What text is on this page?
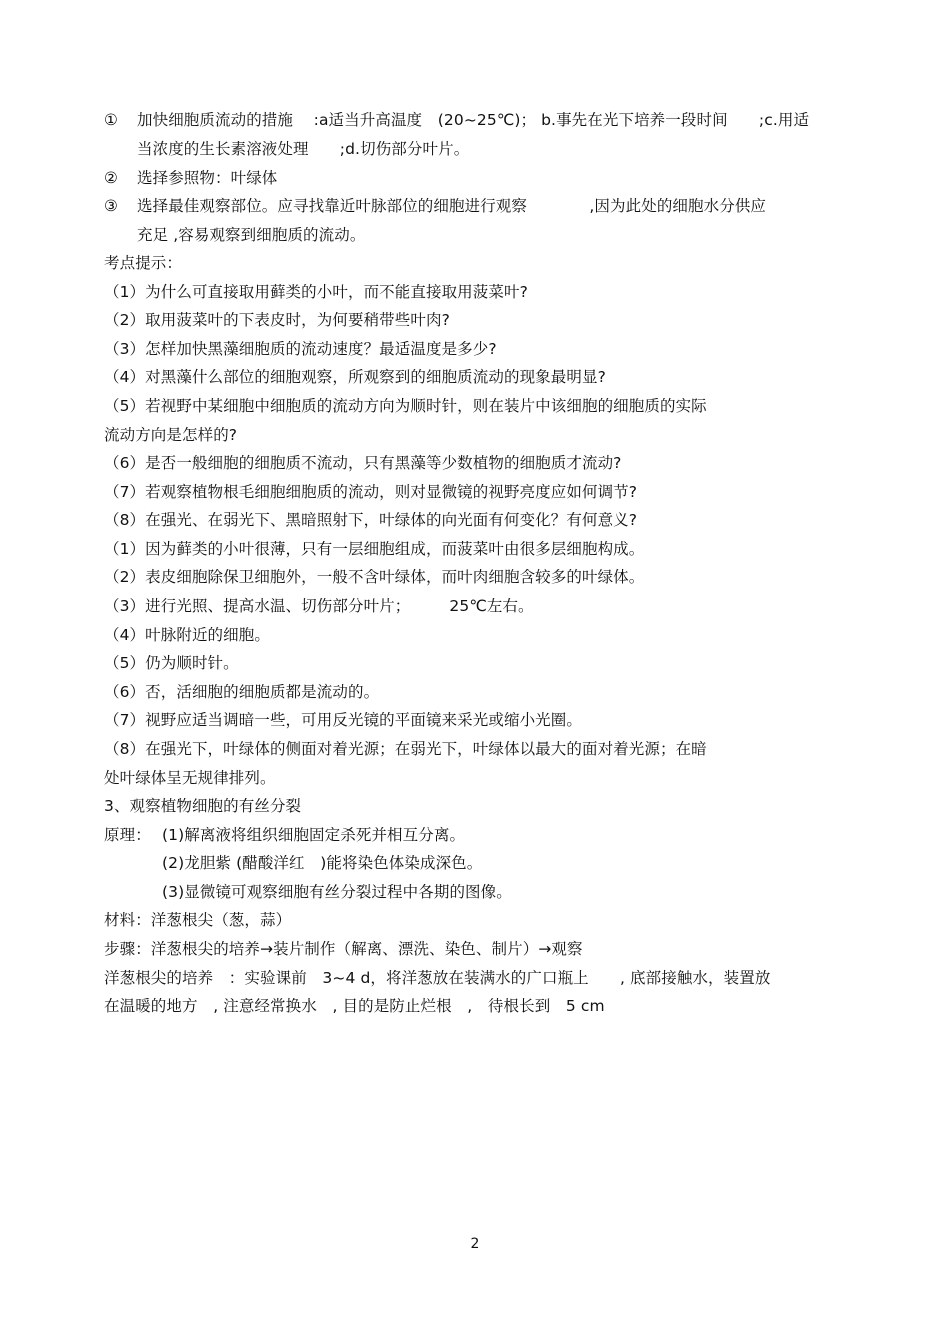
① 加快细胞质流动的措施　 :a适当升高温度　(20~25℃)； b.事先在光下培养一段时间　　;c.用适
当浓度的生长素溶液处理　　;d.切伤部分叶片。
② 选择参照物：叶绿体
③ 选择最佳观察部位。应寻找靠近叶脉部位的细胞进行观察　　　　,因为此处的细胞水分供应
充足 ,容易观察到细胞质的流动。
考点提示：
（1）为什么可直接取用藓类的小叶，而不能直接取用菠菜叶?
（2）取用菠菜叶的下表皮时，为何要稍带些叶肉?
（3）怎样加快黑藻细胞质的流动速度？最适温度是多少?
（4）对黑藻什么部位的细胞观察，所观察到的细胞质流动的现象最明显?
（5）若视野中某细胞中细胞质的流动方向为顺时针，则在装片中该细胞的细胞质的实际
流动方向是怎样的?
（6）是否一般细胞的细胞质不流动，只有黑藻等少数植物的细胞质才流动?
（7）若观察植物根毛细胞细胞质的流动，则对显微镜的视野亮度应如何调节?
（8）在强光、在弱光下、黑暗照射下，叶绿体的向光面有何变化？有何意义?
（1）因为藓类的小叶很薄，只有一层细胞组成，而菠菜叶由很多层细胞构成。
（2）表皮细胞除保卫细胞外，一般不含叶绿体，而叶肉细胞含较多的叶绿体。
（3）进行光照、提高水温、切伤部分叶片；　　　25℃左右。
（4）叶脉附近的细胞。
（5）仍为顺时针。
（6）否，活细胞的细胞质都是流动的。
（7）视野应适当调暗一些，可用反光镜的平面镜来采光或缩小光圈。
（8）在强光下，叶绿体的侧面对着光源；在弱光下，叶绿体以最大的面对着光源；在暗
处叶绿体呈无规律排列。
3、观察植物细胞的有丝分裂
原理： (1)解离液将组织细胞固定杀死并相互分离。
(2)龙胆紫 (醋酸洋红　)能将染色体染成深色。
(3)显微镜可观察细胞有丝分裂过程中各期的图像。
材料：洋葱根尖（葱，蒜）
步骤：洋葱根尖的培养→装片制作（解离、漂洗、染色、制片）→观察
洋葱根尖的培养　：实验课前　3~4 d，将洋葱放在装满水的广口瓶上　　, 底部接触水，装置放
在温暖的地方　, 注意经常换水　, 目的是防止烂根　,　待根长到　5 cm
2
